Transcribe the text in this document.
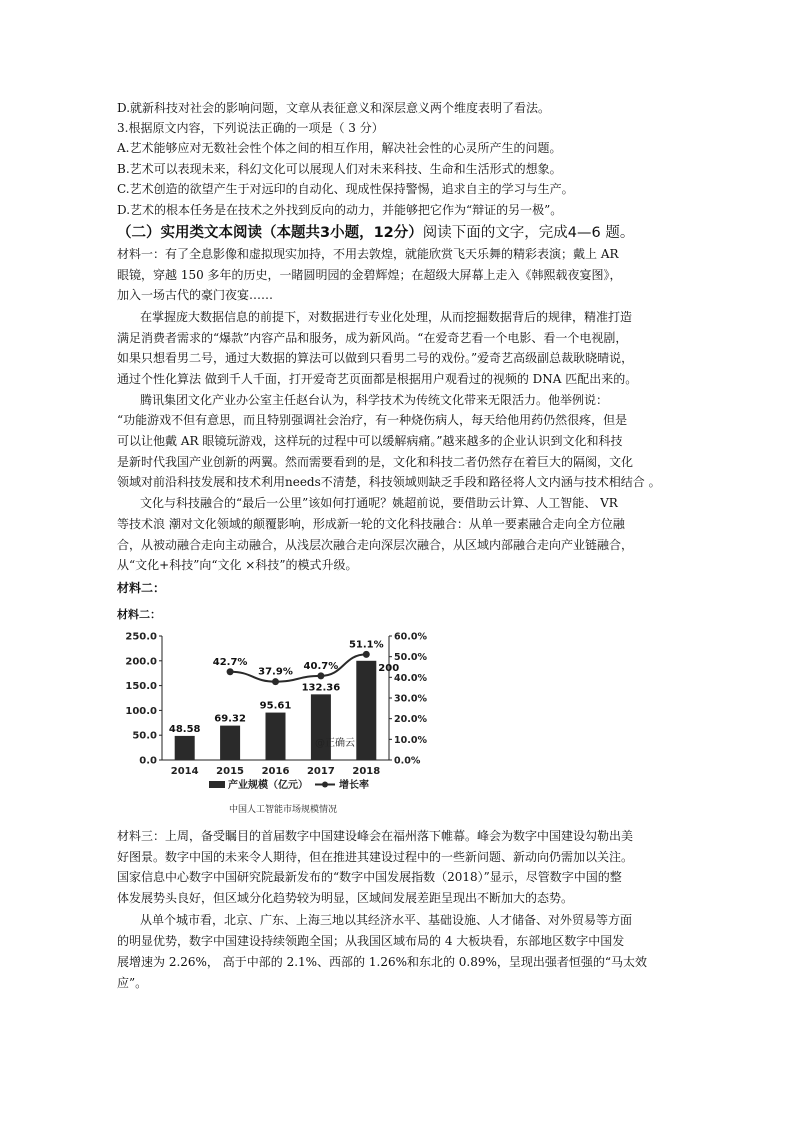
D.就新科技对社会的影响问题，文章从表征意义和深层意义两个维度表明了看法。
3.根据原文内容，下列说法正确的一项是（ 3 分）
A.艺术能够应对无数社会性个体之间的相互作用，解决社会性的心灵所产生的问题。
B.艺术可以表现未来，科幻文化可以展现人们对未来科技、生命和生活形式的想象。
C.艺术创造的欲望产生于对远印的自动化、现成性保持警惕，追求自主的学习与生产。
D.艺术的根本任务是在技术之外找到反向的动力，并能够把它作为“辩证的另一极”。
（二）实用类文本阅读（本题共3小题，12分）阅读下面的文字，完成4—6 题。
材料一：有了全息影像和虚拟现实加持，不用去敦煌，就能欣赏飞天乐舞的精彩表演；戴上 AR
眼镜，穿越 150 多年的历史，一睹圆明园的金碧辉煌；在超级大屏幕上走入《韩熙载夜宴图》，
加入一场古代的豪门夜宴……
在掌握庞大数据信息的前提下，对数据进行专业化处理，从而挖掘数据背后的规律，精准打造
满足消费者需求的“爆款”内容产品和服务，成为新风尚。“在爱奇艺看一个电影、看一个电视剧，
如果只想看男二号，通过大数据的算法可以做到只看男二号的戏份。”爱奇艺高级副总裁耿晓晴说，
通过个性化算法 做到千人千面，打开爱奇艺页面都是根据用户观看过的视频的 DNA 匹配出来的。
腾讯集团文化产业办公室主任赵台认为，科学技术为传统文化带来无限活力。他举例说：
“功能游戏不但有意思，而且特别强调社会治疗，有一种烧伤病人，每天给他用药仍然很疼，但是
可以让他戴 AR 眼镜玩游戏，这样玩的过程中可以缓解病痛。”越来越多的企业认识到文化和科技
是新时代我国产业创新的两翼。然而需要看到的是，文化和科技二者仍然存在着巨大的隔阂，文化
领域对前沿科技发展和技术利用needs不清楚，科技领域则缺乏手段和路径将人文内涵与技术相结合 。
文化与科技融合的“最后一公里”该如何打通呢？姚超前说，要借助云计算、人工智能、 VR
等技术浪 潮对文化领域的颠覆影响，形成新一轮的文化科技融合：从单一要素融合走向全方位融
合，从被动融合走向主动融合，从浅层次融合走向深层次融合，从区域内部融合走向产业链融合，
从“文化+科技”向“文化 ×科技”的模式升级。
材料二：
材料二：
0.0
50.0
100.0
150.0
200.0
250.0
0.0%
10.0%
20.0%
30.0%
40.0%
50.0%
60.0%
2014 2015 2016 2017 2018
48.58
69.32
95.61
132.36
200
42.7%
37.9%
40.7%
51.1%
@正确云
产业规模（亿元）	增长率
中国人工智能市场规模情况
材料三：上周，备受瞩目的首届数字中国建设峰会在福州落下帷幕。峰会为数字中国建设勾勒出美
好图景。数字中国的未来令人期待，但在推进其建设过程中的一些新问题、新动向仍需加以关注。
国家信息中心数字中国研究院最新发布的“数字中国发展指数（2018）”显示，尽管数字中国的整
体发展势头良好，但区域分化趋势较为明显，区域间发展差距呈现出不断加大的态势。
从单个城市看，北京、广东、上海三地以其经济水平、基础设施、人才储备、对外贸易等方面
的明显优势，数字中国建设持续领跑全国；从我国区域布局的 4 大板块看，东部地区数字中国发
展增速为 2.26%， 高于中部的 2.1%、西部的 1.26%和东北的 0.89%，呈现出强者恒强的“马太效
应”。
